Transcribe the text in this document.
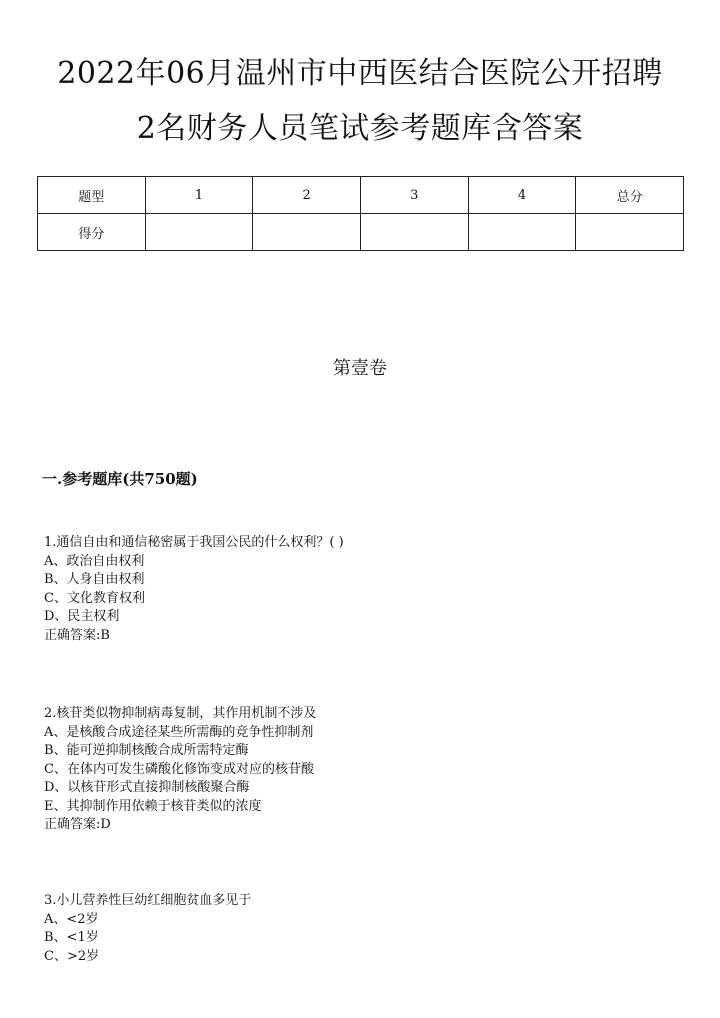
2022年06月温州市中西医结合医院公开招聘
2名财务人员笔试参考题库含答案
题型	1	2	3	4	总分
得分					
第壹卷
一.参考题库(共750题)
1.通信自由和通信秘密属于我国公民的什么权利？( )
A、政治自由权利
B、人身自由权利
C、文化教育权利
D、民主权利
正确答案:B
2.核苷类似物抑制病毒复制，其作用机制不涉及
A、是核酸合成途径某些所需酶的竞争性抑制剂
B、能可逆抑制核酸合成所需特定酶
C、在体内可发生磷酸化修饰变成对应的核苷酸
D、以核苷形式直接抑制核酸聚合酶
E、其抑制作用依赖于核苷类似的浓度
正确答案:D
3.小儿营养性巨幼红细胞贫血多见于
A、<2岁
B、<1岁
C、>2岁
